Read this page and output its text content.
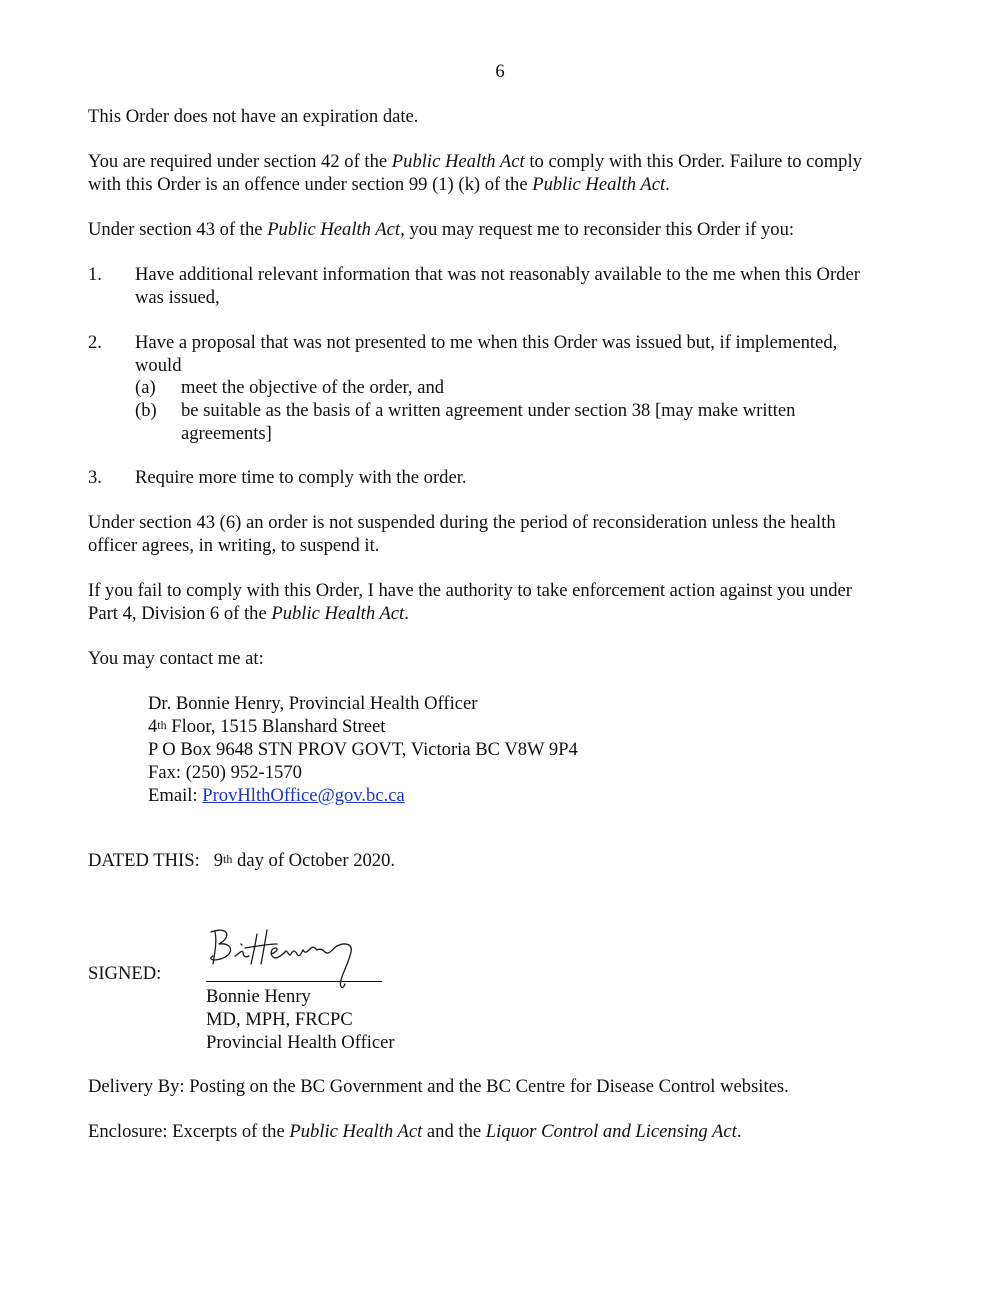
6
This Order does not have an expiration date.
You are required under section 42 of the Public Health Act to comply with this Order. Failure to comply
with this Order is an offence under section 99 (1) (k) of the Public Health Act.
Under section 43 of the Public Health Act, you may request me to reconsider this Order if you:
1. Have additional relevant information that was not reasonably available to the me when this Order
was issued,
2. Have a proposal that was not presented to me when this Order was issued but, if implemented,
would
(a) meet the objective of the order, and
(b) be suitable as the basis of a written agreement under section 38 [may make written
agreements]
3. Require more time to comply with the order.
Under section 43 (6) an order is not suspended during the period of reconsideration unless the health
officer agrees, in writing, to suspend it.
If you fail to comply with this Order, I have the authority to take enforcement action against you under
Part 4, Division 6 of the Public Health Act.
You may contact me at:
Dr. Bonnie Henry, Provincial Health Officer
4th Floor, 1515 Blanshard Street
P O Box 9648 STN PROV GOVT, Victoria BC V8W 9P4
Fax: (250) 952-1570
Email: ProvHlthOffice@gov.bc.ca
DATED THIS: 9th day of October 2020.
SIGNED:
Bonnie Henry
MD, MPH, FRCPC
Provincial Health Officer
Delivery By: Posting on the BC Government and the BC Centre for Disease Control websites.
Enclosure: Excerpts of the Public Health Act and the Liquor Control and Licensing Act.
